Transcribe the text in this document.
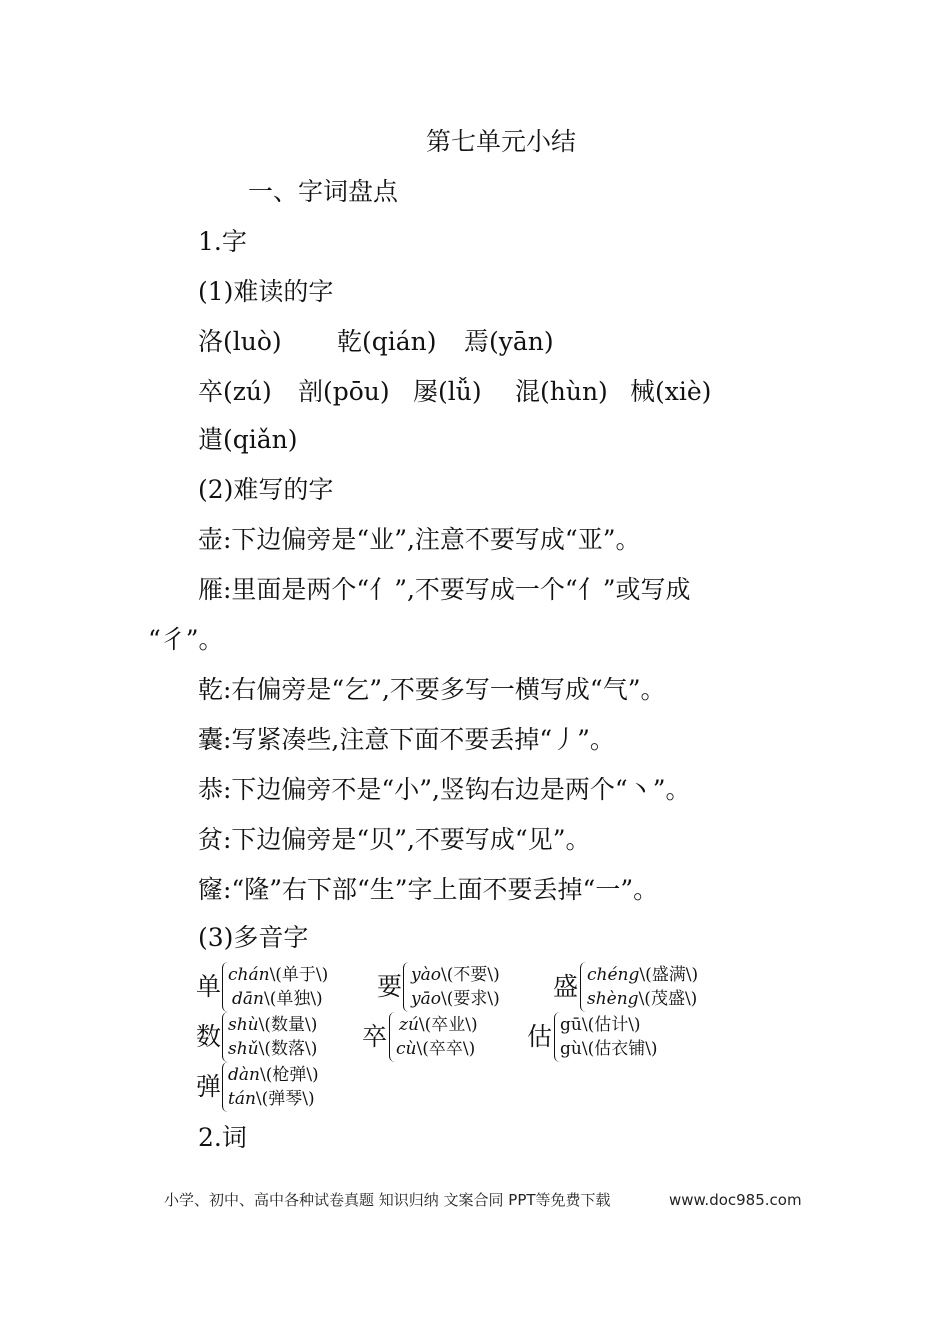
第七单元小结
一、字词盘点
1.字
(1)难读的字
洛(luò) 乾(qián) 焉(yān)
卒(zú) 剖(pōu) 屡(lǚ) 混(hùn) 械(xiè)
遣(qiǎn)
(2)难写的字
壶:下边偏旁是“业”,注意不要写成“亚”。
雁:里面是两个“亻”,不要写成一个“亻”或写成
“彳”。
乾:右偏旁是“乞”,不要多写一横写成“气”。
囊:写紧凑些,注意下面不要丢掉“丿”。
恭:下边偏旁不是“小”,竖钩右边是两个“丶”。
贫:下边偏旁是“贝”,不要写成“见”。
窿:“隆”右下部“生”字上面不要丢掉“一”。
(3)多音字
单 chán\(单于\)
dān\(单独\) 要 yào\(不要\)
yāo\(要求\) 盛 chéng\(盛满\)
shèng\(茂盛\)
数 shù\(数量\)
shǔ\(数落\) 卒 zú\(卒业\)
cù\(卒卒\) 估 gū\(估计\)
gù\(估衣铺\)
弹 dàn\(枪弹\)
tán\(弹琴\)
2.词
小学、初中、高中各种试卷真题 知识归纳 文案合同 PPT等免费下载	www.doc985.com
